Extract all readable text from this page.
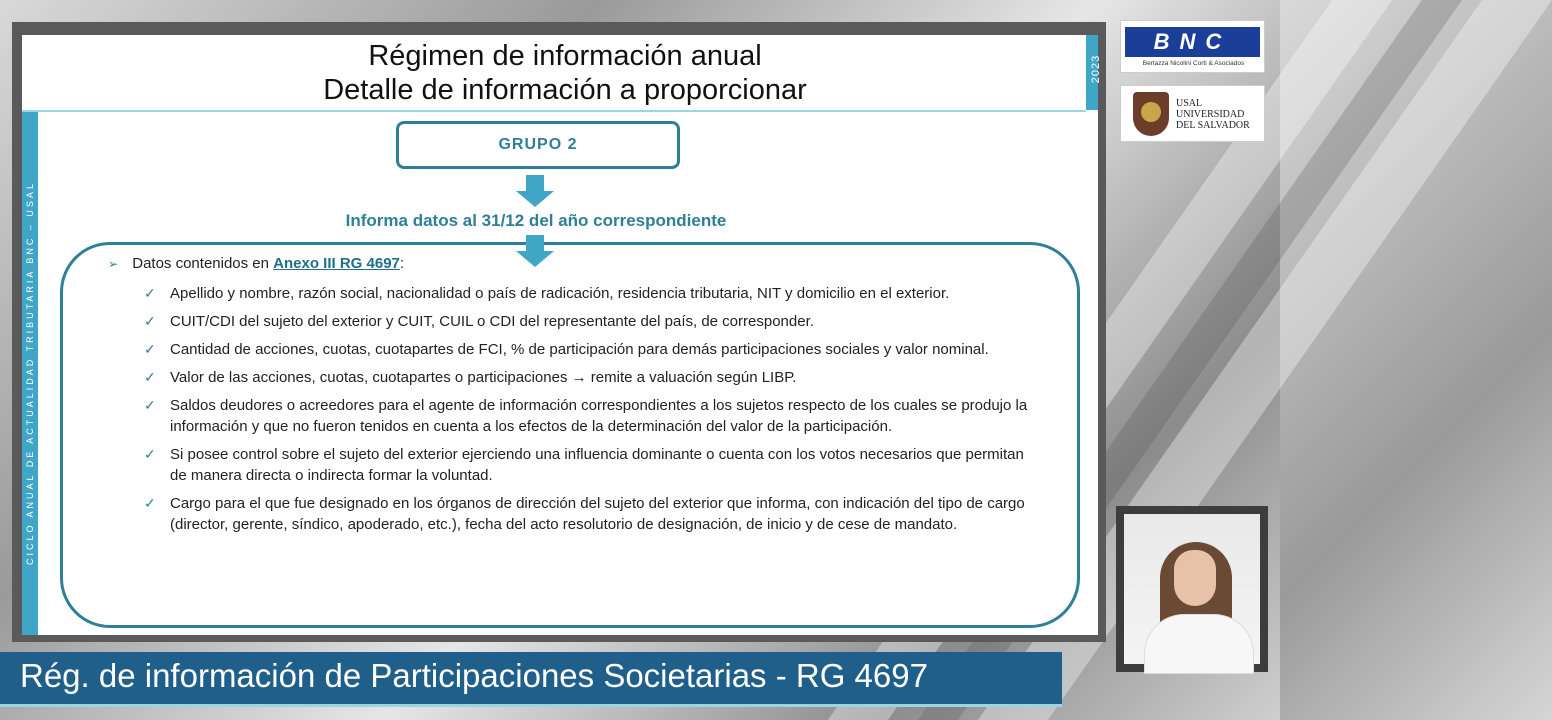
CICLO ANUAL DE ACTUALIDAD TRIBUTARIA BNC – USAL
2023
Régimen de información anual
Detalle de información a proporcionar
GRUPO 2
Informa datos al 31/12 del año correspondiente
➢ Datos contenidos en Anexo III RG 4697:
✓ Apellido y nombre, razón social, nacionalidad o país de radicación, residencia tributaria, NIT y domicilio en el exterior.
✓ CUIT/CDI del sujeto del exterior y CUIT, CUIL o CDI del representante del país, de corresponder.
✓ Cantidad de acciones, cuotas, cuotapartes de FCI, % de participación para demás participaciones sociales y valor nominal.
✓ Valor de las acciones, cuotas, cuotapartes o participaciones → remite a valuación según LIBP.
✓ Saldos deudores o acreedores para el agente de información correspondientes a los sujetos respecto de los cuales se produjo la información y que no fueron tenidos en cuenta a los efectos de la determinación del valor de la participación.
✓ Si posee control sobre el sujeto del exterior ejerciendo una influencia dominante o cuenta con los votos necesarios que permitan de manera directa o indirecta formar la voluntad.
✓ Cargo para el que fue designado en los órganos de dirección del sujeto del exterior que informa, con indicación del tipo de cargo (director, gerente, síndico, apoderado, etc.), fecha del acto resolutorio de designación, de inicio y de cese de mandato.
BNC
Bertazza Nicolini Corti & Asociados
USAL
UNIVERSIDAD
DEL SALVADOR
Rég. de información de Participaciones Societarias - RG 4697
